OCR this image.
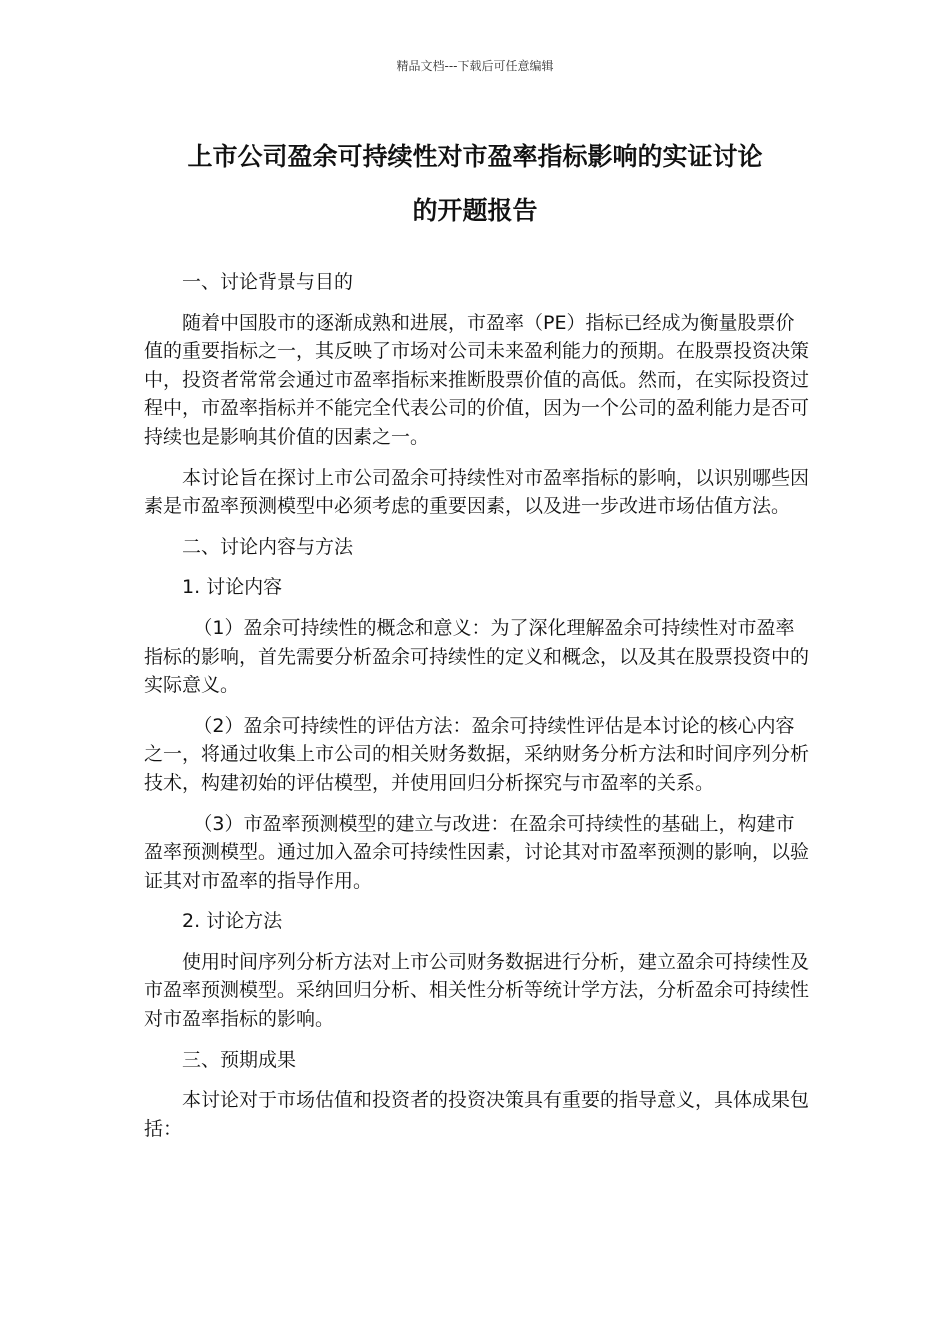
精品文档---下载后可任意编辑
上市公司盈余可持续性对市盈率指标影响的实证讨论
的开题报告

一、讨论背景与目的

随着中国股市的逐渐成熟和进展，市盈率（PE）指标已经成为衡量股票价值的重要指标之一，其反映了市场对公司未来盈利能力的预期。在股票投资决策中，投资者常常会通过市盈率指标来推断股票价值的高低。然而，在实际投资过程中，市盈率指标并不能完全代表公司的价值，因为一个公司的盈利能力是否可持续也是影响其价值的因素之一。

本讨论旨在探讨上市公司盈余可持续性对市盈率指标的影响，以识别哪些因素是市盈率预测模型中必须考虑的重要因素，以及进一步改进市场估值方法。

二、讨论内容与方法

1. 讨论内容

（1）盈余可持续性的概念和意义：为了深化理解盈余可持续性对市盈率指标的影响，首先需要分析盈余可持续性的定义和概念，以及其在股票投资中的实际意义。

（2）盈余可持续性的评估方法：盈余可持续性评估是本讨论的核心内容之一，将通过收集上市公司的相关财务数据，采纳财务分析方法和时间序列分析技术，构建初始的评估模型，并使用回归分析探究与市盈率的关系。

（3）市盈率预测模型的建立与改进：在盈余可持续性的基础上，构建市盈率预测模型。通过加入盈余可持续性因素，讨论其对市盈率预测的影响，以验证其对市盈率的指导作用。

2. 讨论方法

使用时间序列分析方法对上市公司财务数据进行分析，建立盈余可持续性及市盈率预测模型。采纳回归分析、相关性分析等统计学方法，分析盈余可持续性对市盈率指标的影响。

三、预期成果

本讨论对于市场估值和投资者的投资决策具有重要的指导意义，具体成果包括：
